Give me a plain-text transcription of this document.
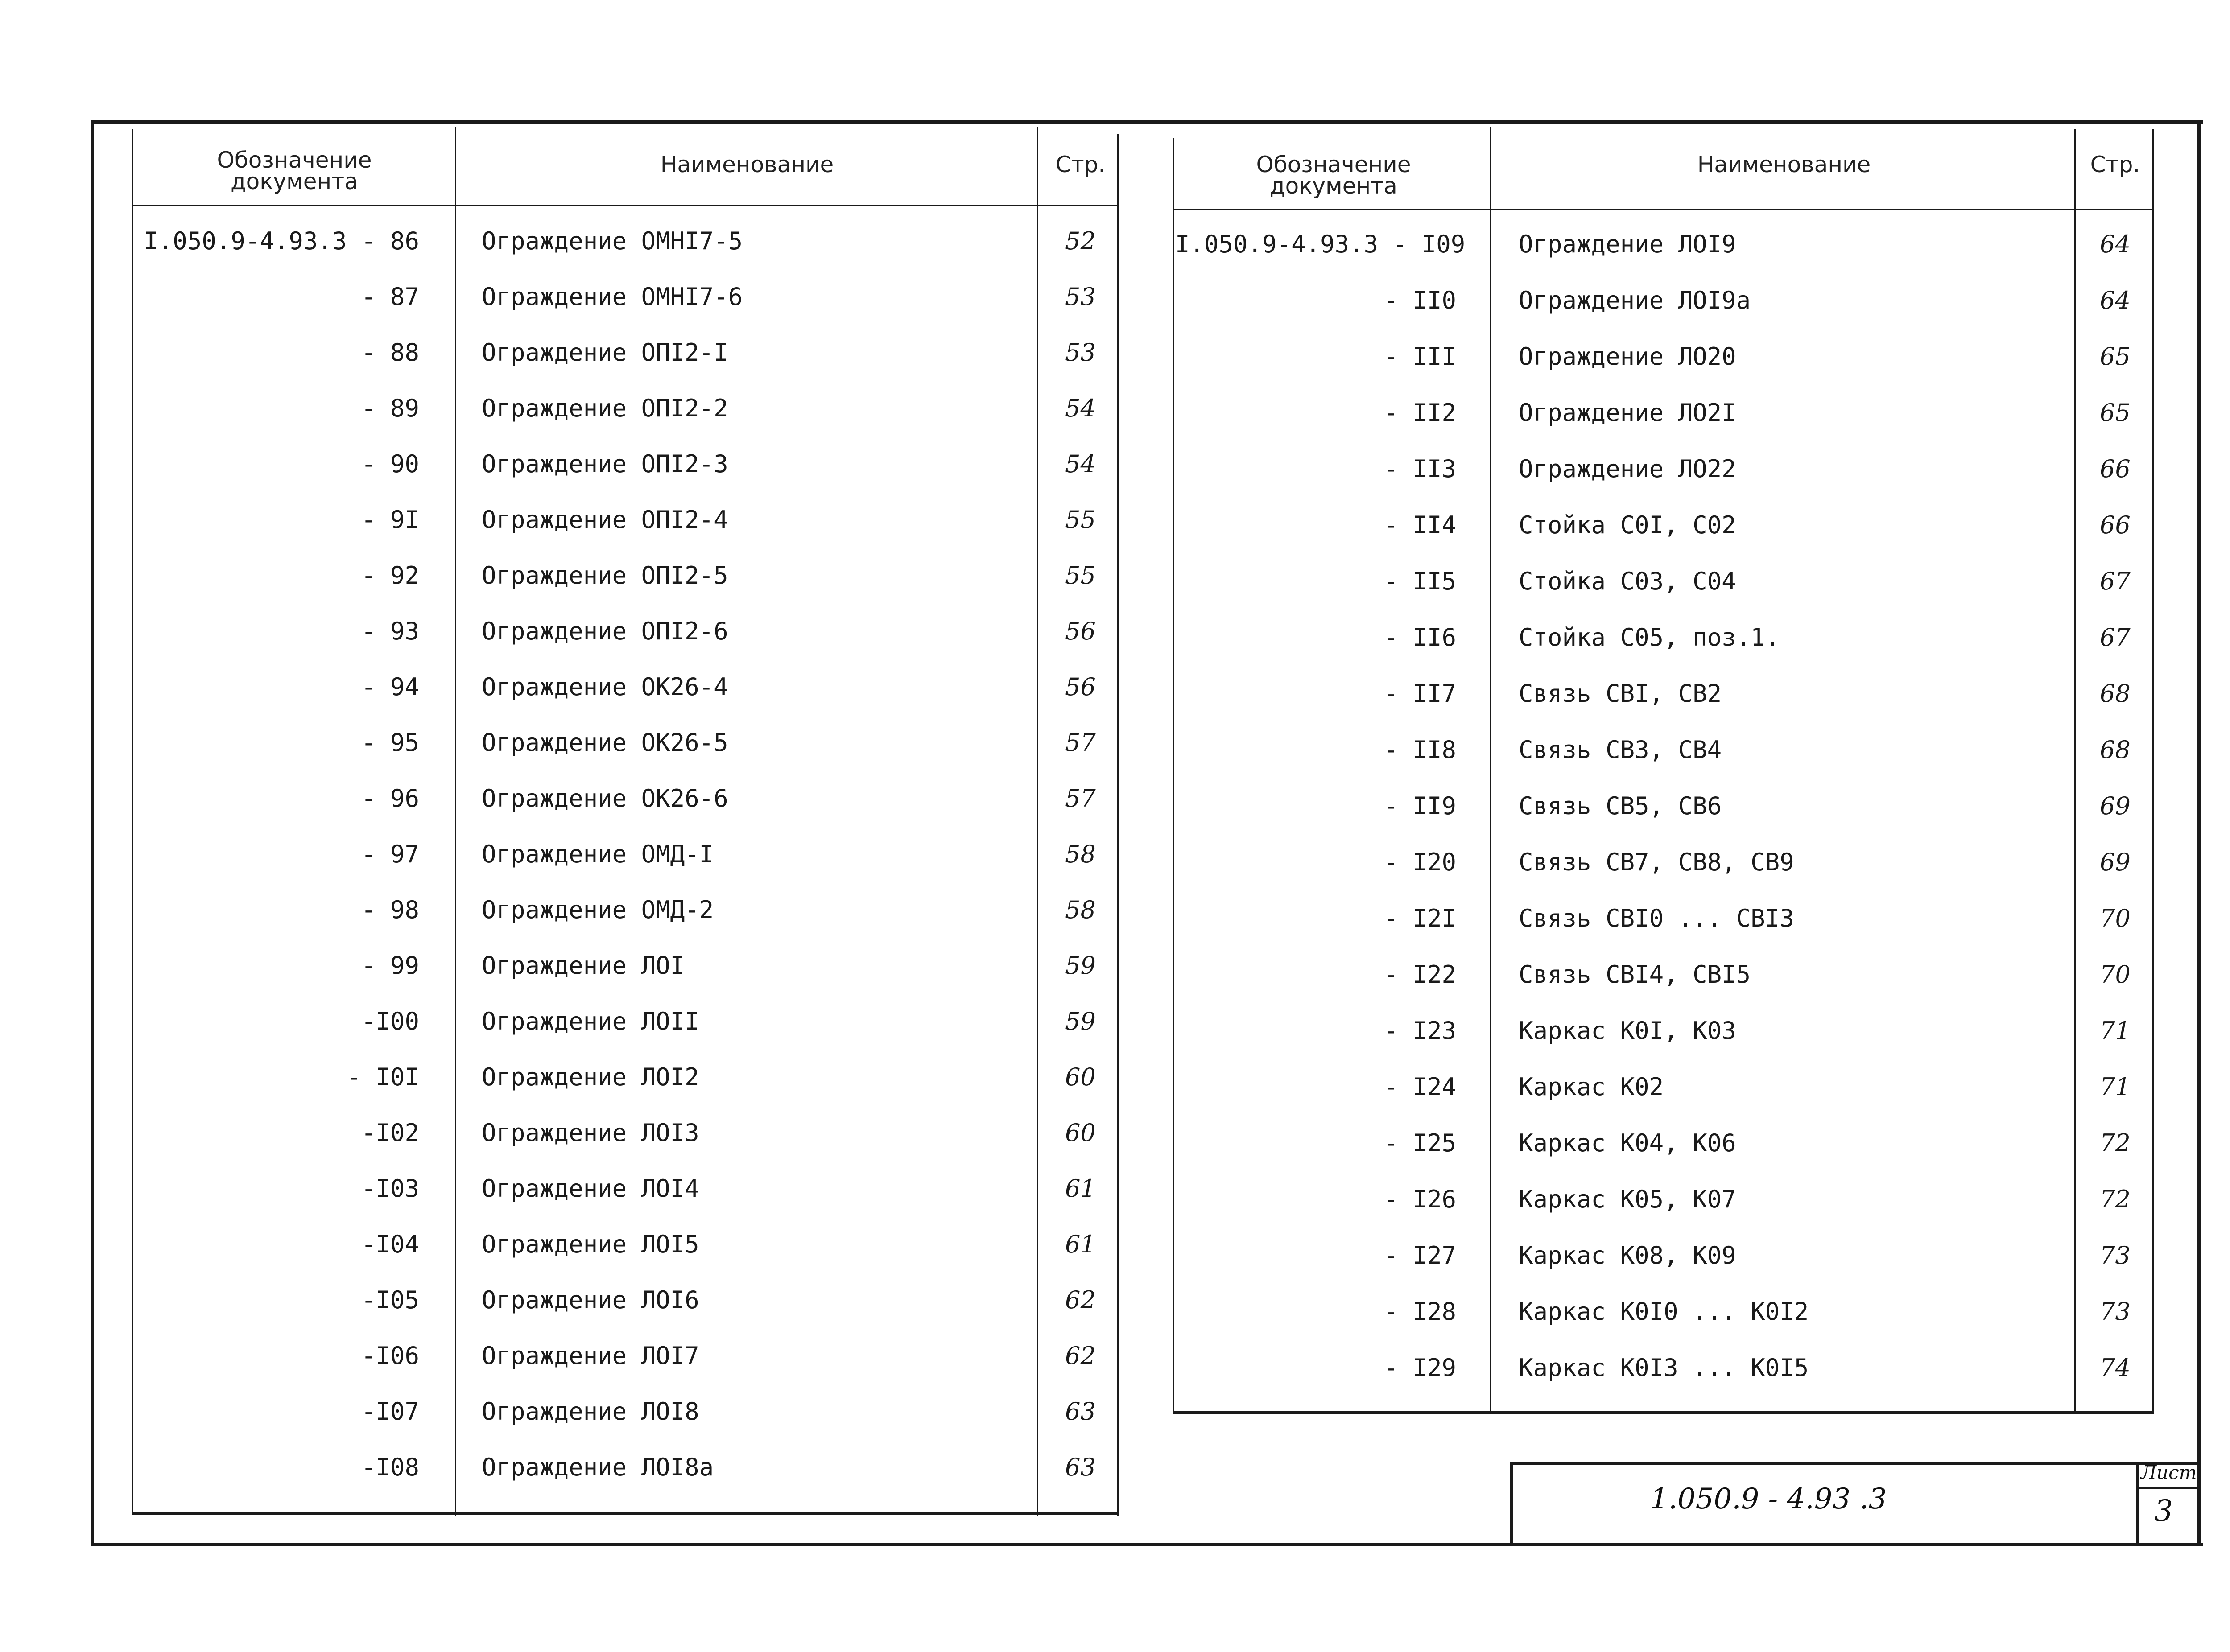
Обозначение
документа
Наименование	Стр.
I.050.9-4.93.3 - 86	Ограждение ОМНI7-5	52
- 87	Ограждение ОМНI7-6	53
- 88	Ограждение ОПI2-I	53
- 89	Ограждение ОПI2-2	54
- 90	Ограждение ОПI2-3	54
- 9I	Ограждение ОПI2-4	55
- 92	Ограждение ОПI2-5	55
- 93	Ограждение ОПI2-6	56
- 94	Ограждение ОК26-4	56
- 95	Ограждение ОК26-5	57
- 96	Ограждение ОК26-6	57
- 97	Ограждение ОМД-I	58
- 98	Ограждение ОМД-2	58
- 99	Ограждение ЛОI	59
-I00	Ограждение ЛОII	59
- I0I	Ограждение ЛОI2	60
-I02	Ограждение ЛОI3	60
-I03	Ограждение ЛОI4	61
-I04	Ограждение ЛОI5	61
-I05	Ограждение ЛОI6	62
-I06	Ограждение ЛОI7	62
-I07	Ограждение ЛОI8	63
-I08	Ограждение ЛОI8а	63
Обозначение
документа
Наименование	Стр.
I.050.9-4.93.3 - I09	Ограждение ЛОI9	64
- II0	Ограждение ЛОI9а	64
- III	Ограждение ЛО20	65
- II2	Ограждение ЛО2I	65
- II3	Ограждение ЛО22	66
- II4	Стойка С0I, С02	66
- II5	Стойка С03, С04	67
- II6	Стойка С05, поз.1.	67
- II7	Связь СВI, СВ2	68
- II8	Связь СВ3, СВ4	68
- II9	Связь СВ5, СВ6	69
- I20	Связь СВ7, СВ8, СВ9	69
- I2I	Связь СВI0 ... СВI3	70
- I22	Связь СВI4, СВI5	70
- I23	Каркас К0I, К03	71
- I24	Каркас К02	71
- I25	Каркас К04, К06	72
- I26	Каркас К05, К07	72
- I27	Каркас К08, К09	73
- I28	Каркас К0I0 ... К0I2	73
- I29	Каркас К0I3 ... К0I5	74
1.050.9 - 4.93 .3
Лист
3
